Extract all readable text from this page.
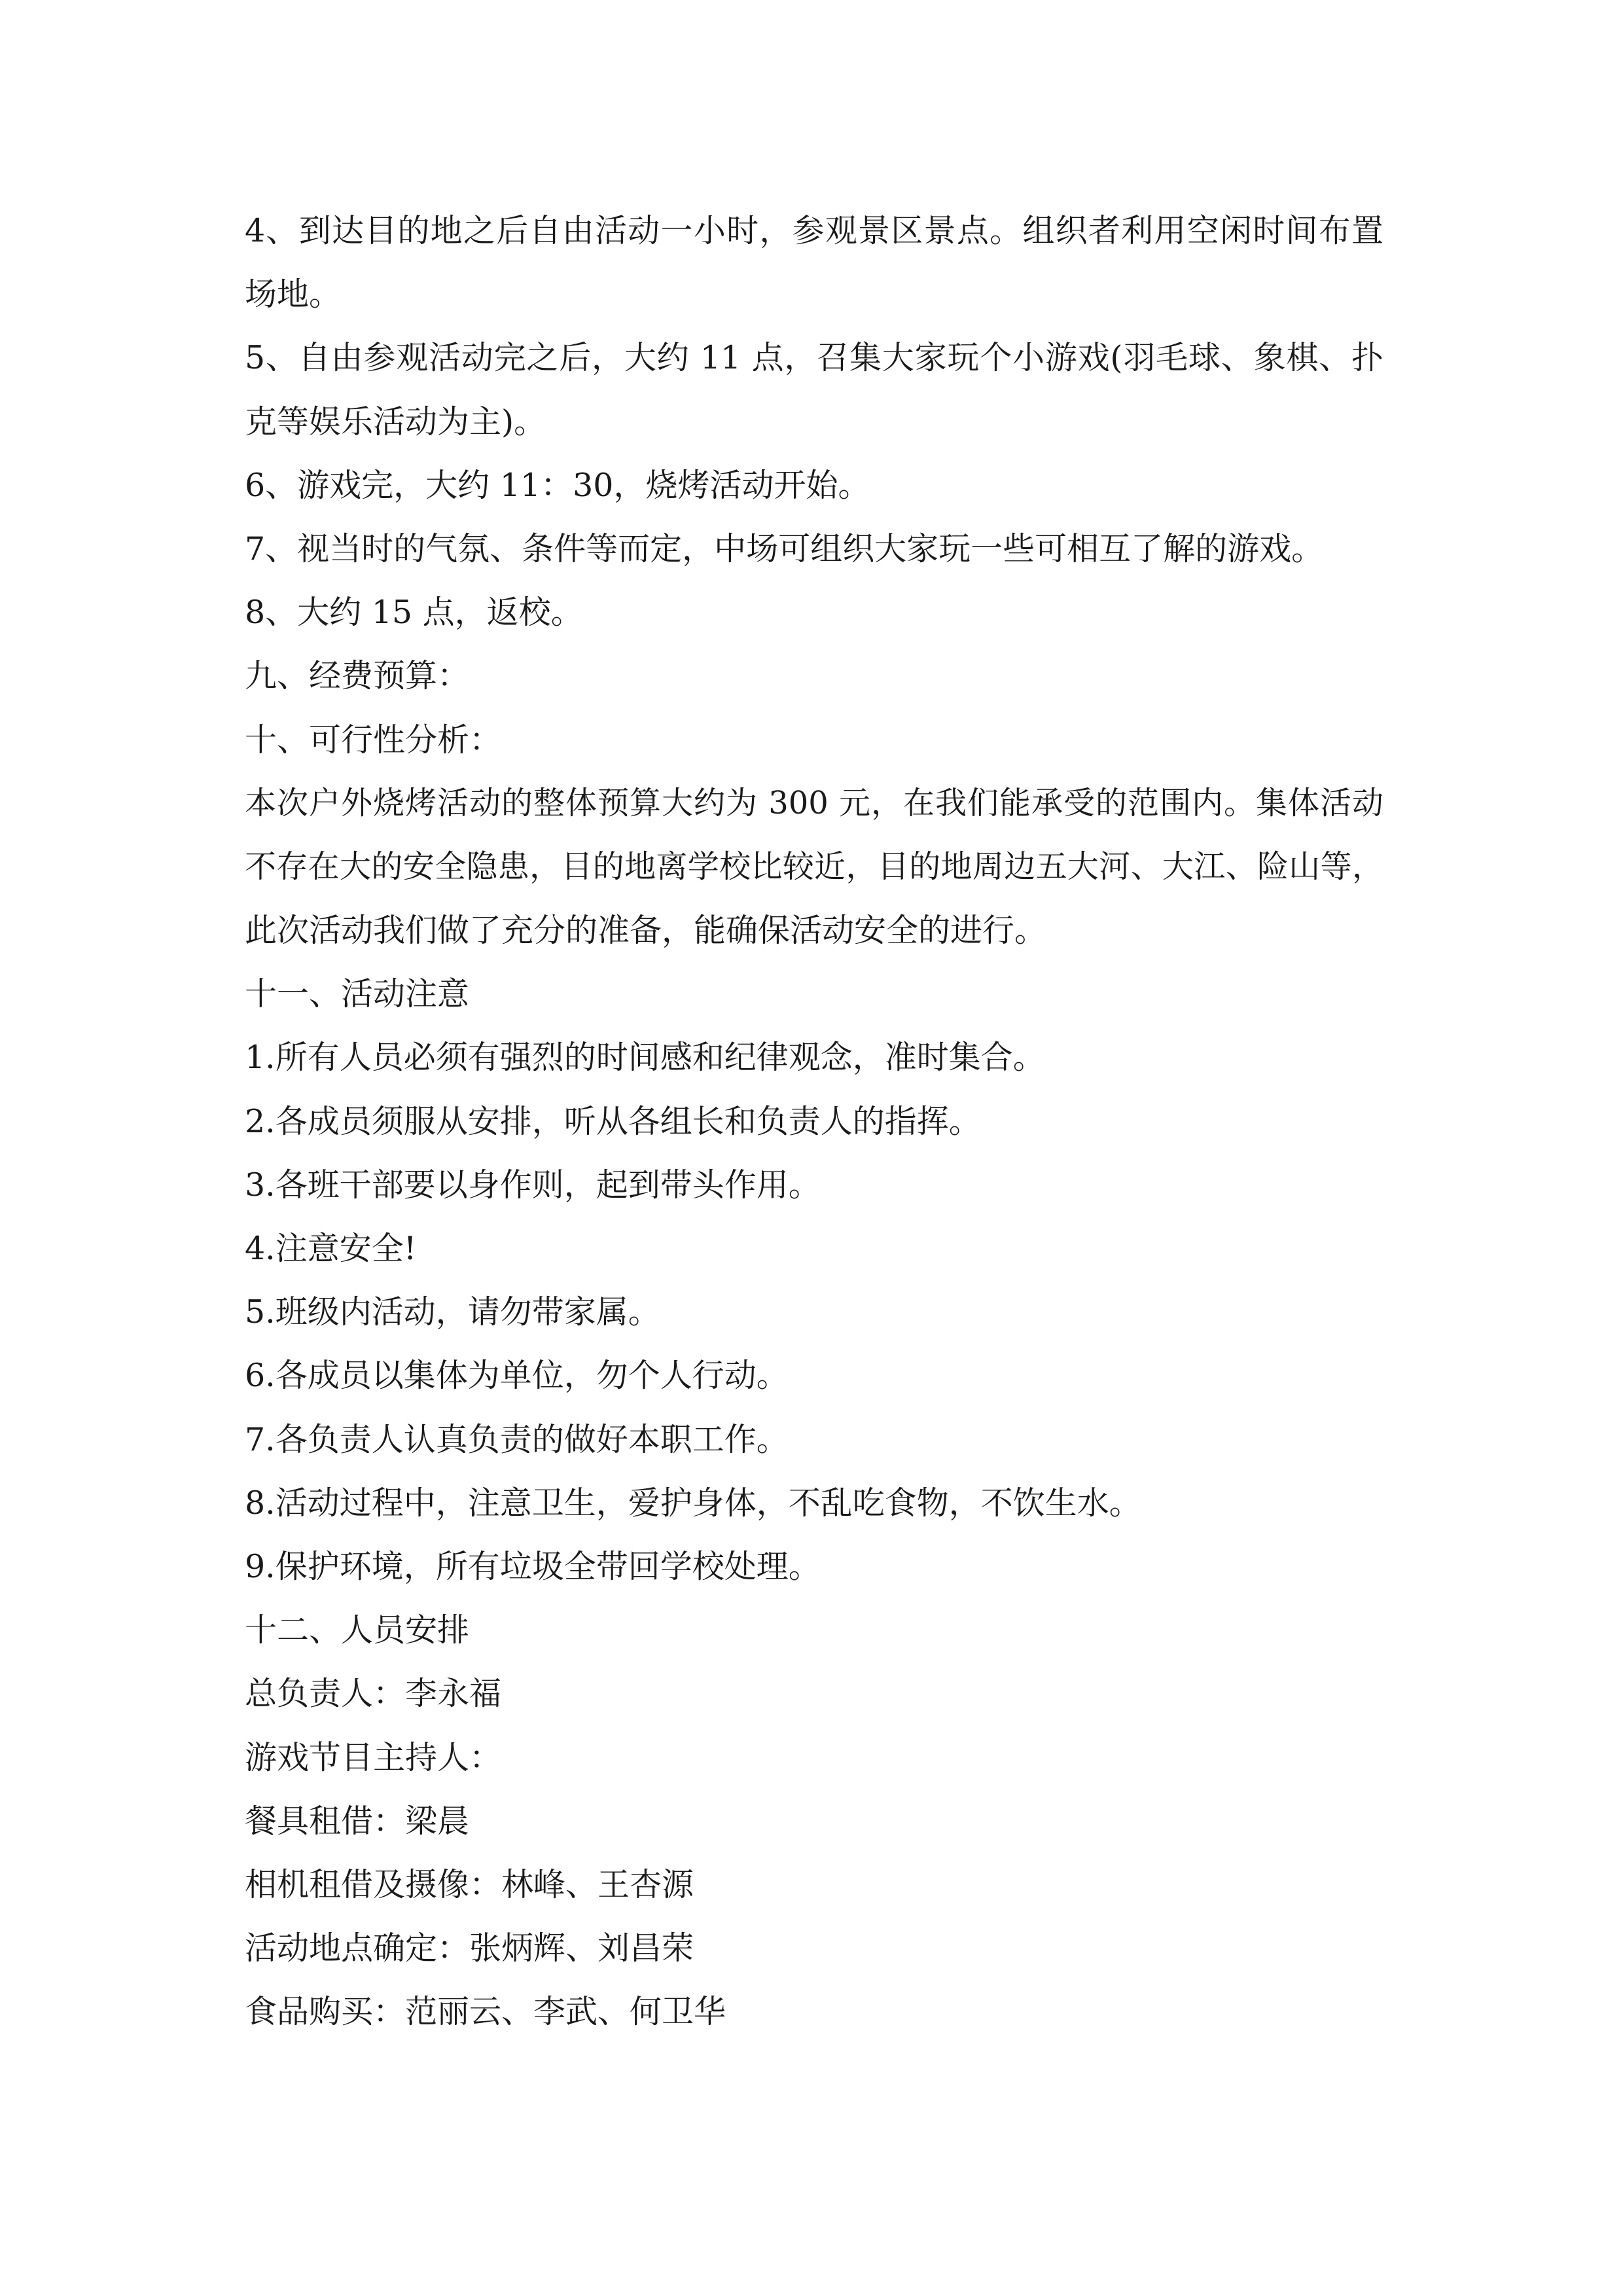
4、到达目的地之后自由活动一小时，参观景区景点。组织者利用空闲时间布置
场地。
5、自由参观活动完之后，大约 11 点，召集大家玩个小游戏(羽毛球、象棋、扑
克等娱乐活动为主)。
6、游戏完，大约 11：30，烧烤活动开始。
7、视当时的气氛、条件等而定，中场可组织大家玩一些可相互了解的游戏。
8、大约 15 点，返校。
九、经费预算：
十、可行性分析：
本次户外烧烤活动的整体预算大约为 300 元，在我们能承受的范围内。集体活动
不存在大的安全隐患，目的地离学校比较近，目的地周边五大河、大江、险山等，
此次活动我们做了充分的准备，能确保活动安全的进行。
十一、活动注意
1.所有人员必须有强烈的时间感和纪律观念，准时集合。
2.各成员须服从安排，听从各组长和负责人的指挥。
3.各班干部要以身作则，起到带头作用。
4.注意安全!
5.班级内活动，请勿带家属。
6.各成员以集体为单位，勿个人行动。
7.各负责人认真负责的做好本职工作。
8.活动过程中，注意卫生，爱护身体，不乱吃食物，不饮生水。
9.保护环境，所有垃圾全带回学校处理。
十二、人员安排
总负责人：李永福
游戏节目主持人：
餐具租借：梁晨
相机租借及摄像：林峰、王杏源
活动地点确定：张炳辉、刘昌荣
食品购买：范丽云、李武、何卫华
